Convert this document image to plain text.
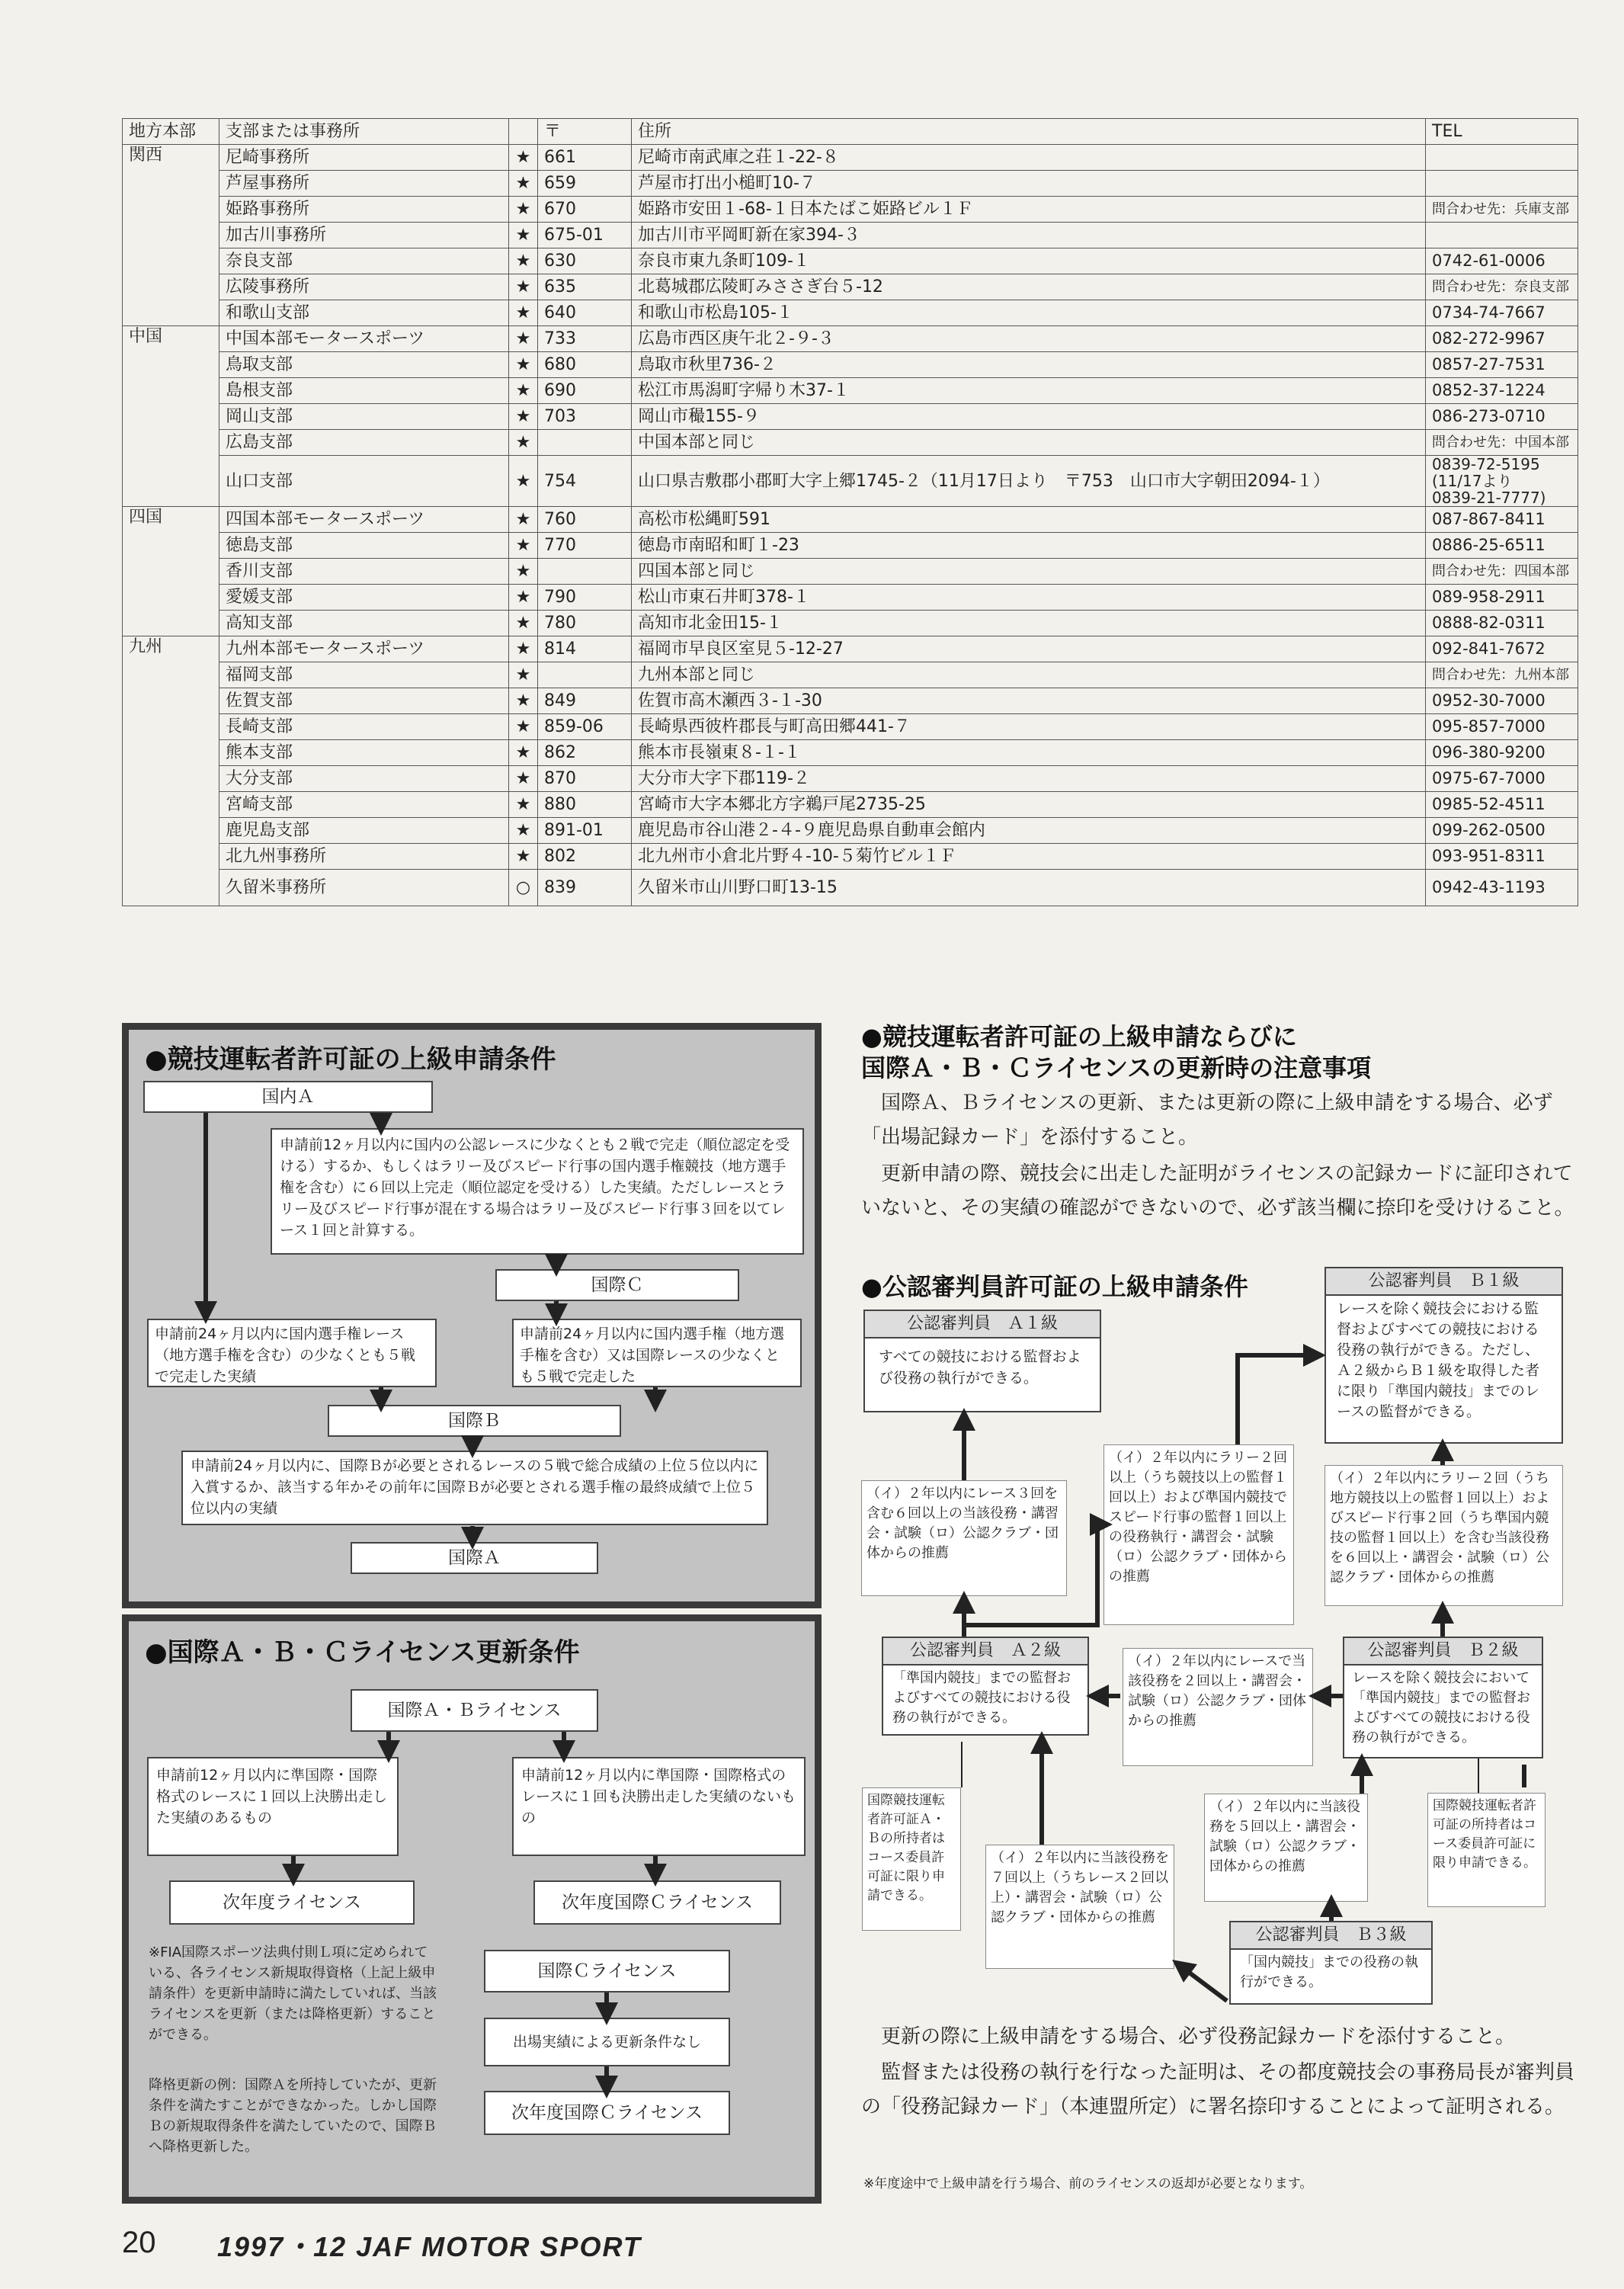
地方本部	支部または事務所		〒	住所	TEL
関西	尼崎事務所	★	661	尼崎市南武庫之荘１-22-８	
	芦屋事務所	★	659	芦屋市打出小槌町10-７	
	姫路事務所	★	670	姫路市安田１-68-１日本たばこ姫路ビル１Ｆ	問合わせ先：兵庫支部
	加古川事務所	★	675-01	加古川市平岡町新在家394-３	
	奈良支部	★	630	奈良市東九条町109-１	0742-61-0006
	広陵事務所	★	635	北葛城郡広陵町みささぎ台５-12	問合わせ先：奈良支部
	和歌山支部	★	640	和歌山市松島105-１	0734-74-7667
中国	中国本部モータースポーツ	★	733	広島市西区庚午北２-９-３	082-272-9967
	鳥取支部	★	680	鳥取市秋里736-２	0857-27-7531
	島根支部	★	690	松江市馬潟町字帰り木37-１	0852-37-1224
	岡山支部	★	703	岡山市穝155-９	086-273-0710
	広島支部	★		中国本部と同じ	問合わせ先：中国本部
	山口支部	★	754	山口県吉敷郡小郡町大字上郷1745-２（11月17日より　〒753　山口市大字朝田2094-１）	0839-72-5195
(11/17より
0839-21-7777)

四国	四国本部モータースポーツ	★	760	高松市松縄町591	087-867-8411
	徳島支部	★	770	徳島市南昭和町１-23	0886-25-6511
	香川支部	★		四国本部と同じ	問合わせ先：四国本部
	愛媛支部	★	790	松山市東石井町378-１	089-958-2911
	高知支部	★	780	高知市北金田15-１	0888-82-0311
九州	九州本部モータースポーツ	★	814	福岡市早良区室見５-12-27	092-841-7672
	福岡支部	★		九州本部と同じ	問合わせ先：九州本部
	佐賀支部	★	849	佐賀市高木瀬西３-１-30	0952-30-7000
	長崎支部	★	859-06	長崎県西彼杵郡長与町高田郷441-７	095-857-7000
	熊本支部	★	862	熊本市長嶺東８-１-１	096-380-9200
	大分支部	★	870	大分市大字下郡119-２	0975-67-7000
	宮崎支部	★	880	宮崎市大字本郷北方字鵜戸尾2735-25	0985-52-4511
	鹿児島支部	★	891-01	鹿児島市谷山港２-４-９鹿児島県自動車会館内	099-262-0500
	北九州事務所	★	802	北九州市小倉北片野４-10-５菊竹ビル１Ｆ	093-951-8311
	久留米事務所	○	839	久留米市山川野口町13-15	0942-43-1193
●競技運転者許可証の上級申請条件
国内Ａ
申請前12ヶ月以内に国内の公認レースに少なくとも２戦で完走（順位認定を受ける）するか、もしくはラリー及びスピード行事の国内選手権競技（地方選手権を含む）に６回以上完走（順位認定を受ける）した実績。ただしレースとラリー及びスピード行事が混在する場合はラリー及びスピード行事３回を以てレース１回と計算する。
国際Ｃ
申請前24ヶ月以内に国内選手権レース（地方選手権を含む）の少なくとも５戦で完走した実績
申請前24ヶ月以内に国内選手権（地方選手権を含む）又は国際レースの少なくとも５戦で完走した
国際Ｂ
申請前24ヶ月以内に、国際Ｂが必要とされるレースの５戦で総合成績の上位５位以内に入賞するか、該当する年かその前年に国際Ｂが必要とされる選手権の最終成績で上位５位以内の実績
国際Ａ
●国際Ａ・Ｂ・Ｃライセンス更新条件
国際Ａ・Ｂライセンス
申請前12ヶ月以内に準国際・国際格式のレースに１回以上決勝出走した実績のあるもの
申請前12ヶ月以内に準国際・国際格式のレースに１回も決勝出走した実績のないもの
次年度ライセンス	次年度国際Ｃライセンス
※FIA国際スポーツ法典付則Ｌ項に定められている、各ライセンス新規取得資格（上記上級申請条件）を更新申請時に満たしていれば、当該ライセンスを更新（または降格更新）することができる。
国際Ｃライセンス
出場実績による更新条件なし
降格更新の例：国際Ａを所持していたが、更新条件を満たすことができなかった。しかし国際Ｂの新規取得条件を満たしていたので、国際Ｂへ降格更新した。
次年度国際Ｃライセンス
●競技運転者許可証の上級申請ならびに
国際Ａ・Ｂ・Ｃライセンスの更新時の注意事項
国際Ａ、Ｂライセンスの更新、または更新の際に上級申請をする場合、必ず「出場記録カード」を添付すること。
更新申請の際、競技会に出走した証明がライセンスの記録カードに証印されていないと、その実績の確認ができないので、必ず該当欄に捺印を受けけること。
●公認審判員許可証の上級申請条件
公認審判員　Ａ１級
すべての競技における監督および役務の執行ができる。
公認審判員　Ｂ１級
レースを除く競技会における監督およびすべての競技における役務の執行ができる。ただし、Ａ２級からＢ１級を取得した者に限り「準国内競技」までのレースの監督ができる。
（イ）２年以内にレース３回を含む６回以上の当該役務・講習会・試験（ロ）公認クラブ・団体からの推薦
（イ）２年以内にラリー２回以上（うち競技以上の監督１回以上）および準国内競技でスピード行事の監督１回以上の役務執行・講習会・試験（ロ）公認クラブ・団体からの推薦
（イ）２年以内にラリー２回（うち地方競技以上の監督１回以上）およびスピード行事２回（うち準国内競技の監督１回以上）を含む当該役務を６回以上・講習会・試験（ロ）公認クラブ・団体からの推薦
公認審判員　Ａ２級
「準国内競技」までの監督およびすべての競技における役務の執行ができる。
（イ）２年以内にレースで当該役務を２回以上・講習会・試験（ロ）公認クラブ・団体からの推薦
公認審判員　Ｂ２級
レースを除く競技会において「準国内競技」までの監督およびすべての競技における役務の執行ができる。
国際競技運転者許可証Ａ・Ｂの所持者はコース委員許可証に限り申請できる。
（イ）２年以内に当該役務を５回以上・講習会・試験（ロ）公認クラブ・団体からの推薦
国際競技運転者許可証の所持者はコース委員許可証に限り申請できる。
（イ）２年以内に当該役務を７回以上（うちレース２回以上）・講習会・試験（ロ）公認クラブ・団体からの推薦
公認審判員　Ｂ３級
「国内競技」までの役務の執行ができる。
更新の際に上級申請をする場合、必ず役務記録カードを添付すること。
監督または役務の執行を行なった証明は、その都度競技会の事務局長が審判員の「役務記録カード」（本連盟所定）に署名捺印することによって証明される。
※年度途中で上級申請を行う場合、前のライセンスの返却が必要となります。
20 1997・12 JAF MOTOR SPORT
